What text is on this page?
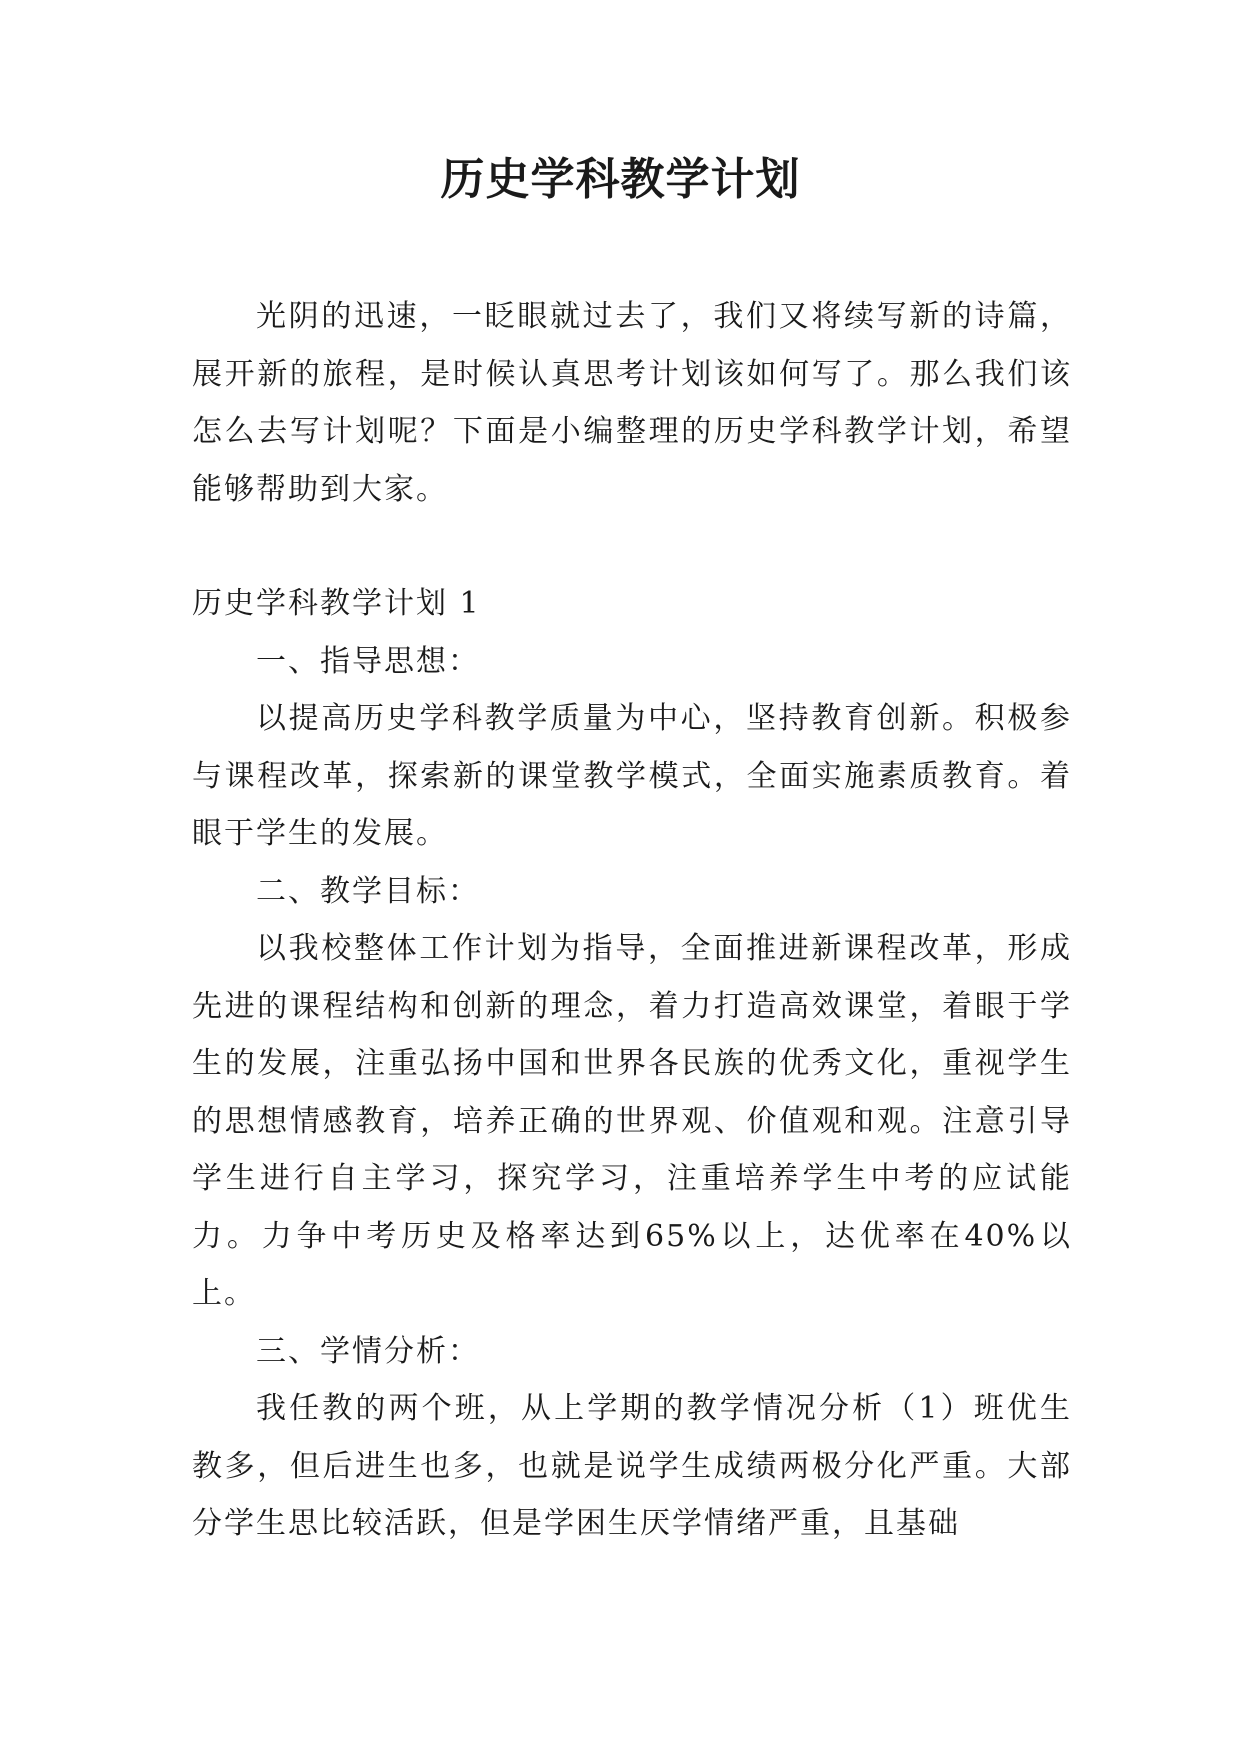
历史学科教学计划

光阴的迅速，一眨眼就过去了，我们又将续写新的诗篇，展开新的旅程，是时候认真思考计划该如何写了。那么我们该怎么去写计划呢？下面是小编整理的历史学科教学计划，希望能够帮助到大家。

历史学科教学计划 1

一、指导思想：

以提高历史学科教学质量为中心，坚持教育创新。积极参与课程改革，探索新的课堂教学模式，全面实施素质教育。着眼于学生的发展。

二、教学目标：

以我校整体工作计划为指导，全面推进新课程改革，形成先进的课程结构和创新的理念，着力打造高效课堂，着眼于学生的发展，注重弘扬中国和世界各民族的优秀文化，重视学生的思想情感教育，培养正确的世界观、价值观和观。注意引导学生进行自主学习，探究学习，注重培养学生中考的应试能力。力争中考历史及格率达到65%以上，达优率在40%以上。

三、学情分析：

我任教的两个班，从上学期的教学情况分析（1）班优生教多，但后进生也多，也就是说学生成绩两极分化严重。大部分学生思比较活跃，但是学困生厌学情绪严重，且基础
